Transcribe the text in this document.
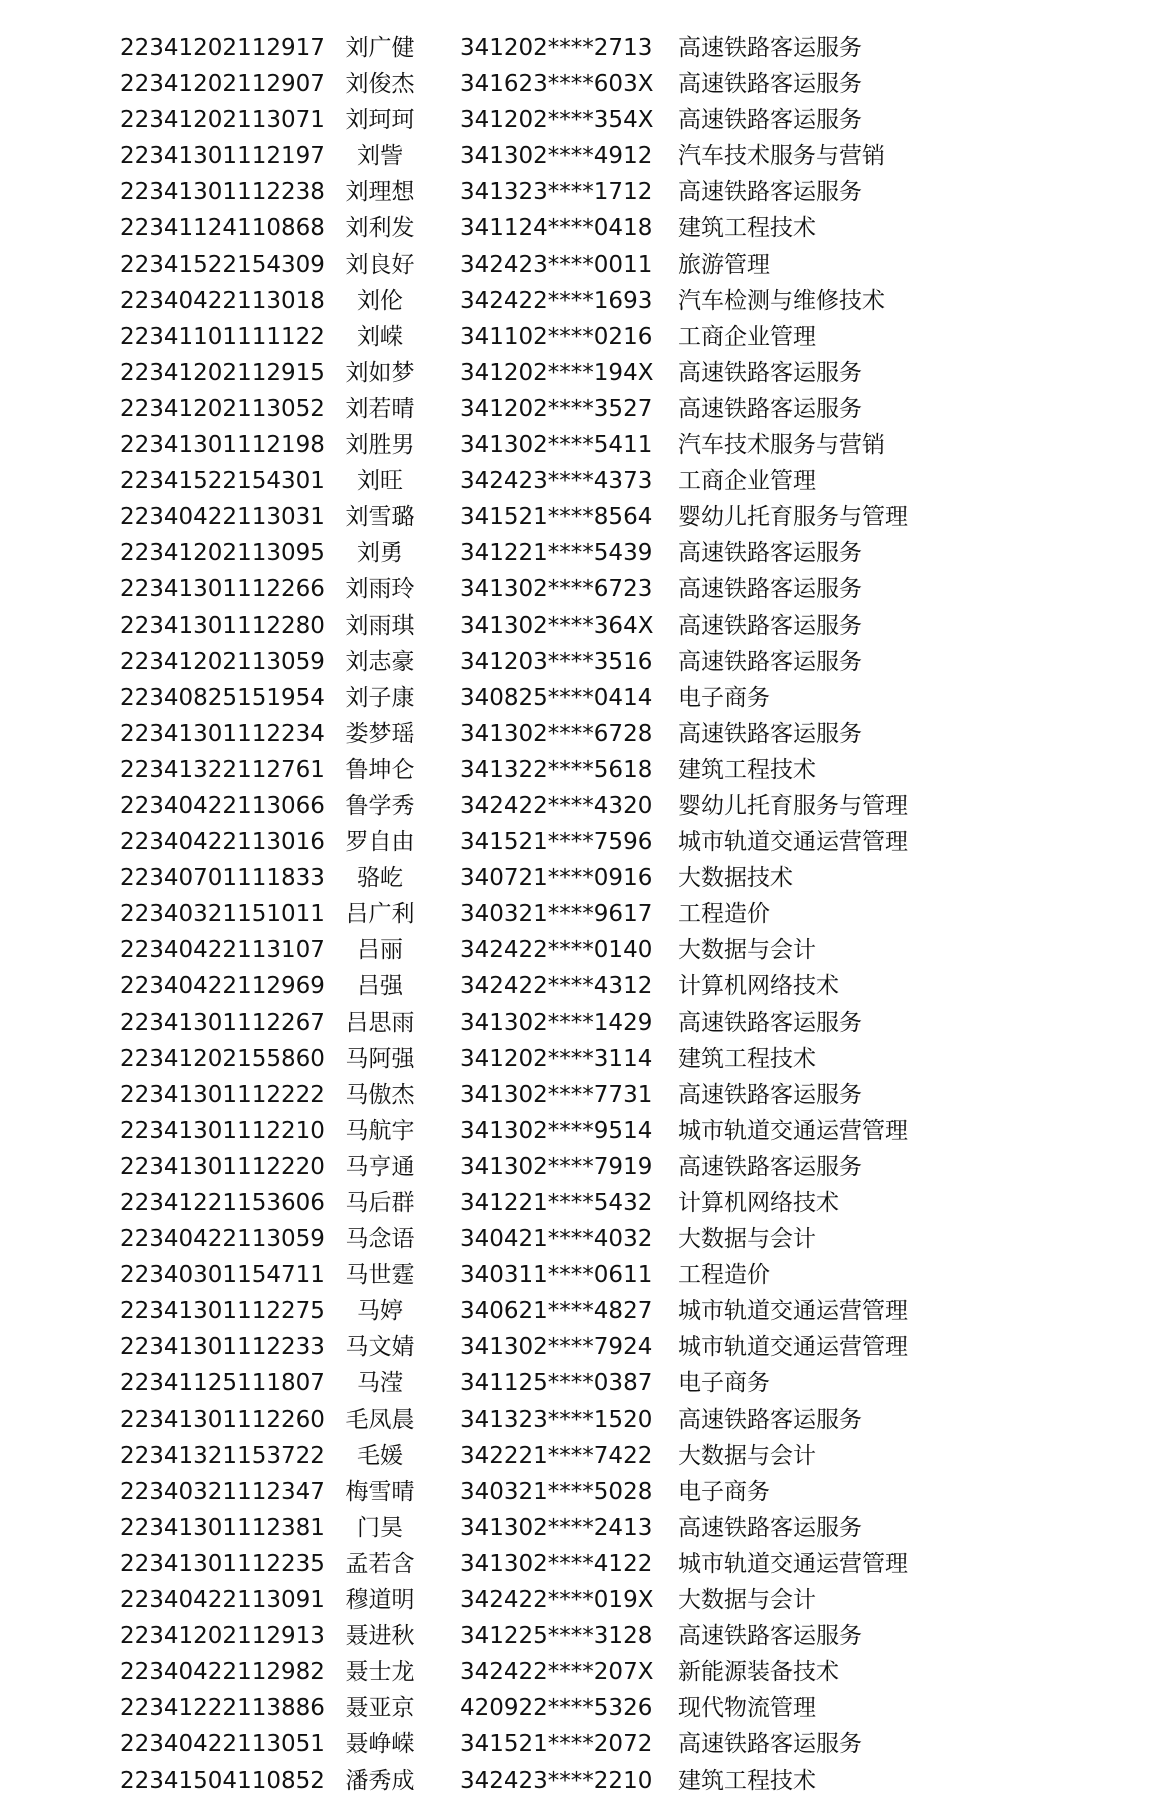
22341202112917 刘广健	341202****2713 高速铁路客运服务
22341202112907 刘俊杰	341623****603X 高速铁路客运服务
22341202113071 刘珂珂	341202****354X 高速铁路客运服务
22341301112197	刘訾	341302****4912 汽车技术服务与营销
22341301112238 刘理想	341323****1712 高速铁路客运服务
22341124110868 刘利发	341124****0418 建筑工程技术
22341522154309 刘良好	342423****0011 旅游管理
22340422113018	刘伦	342422****1693 汽车检测与维修技术
22341101111122	刘嵘	341102****0216 工商企业管理
22341202112915 刘如梦	341202****194X 高速铁路客运服务
22341202113052 刘若晴	341202****3527 高速铁路客运服务
22341301112198 刘胜男	341302****5411 汽车技术服务与营销
22341522154301	刘旺	342423****4373 工商企业管理
22340422113031 刘雪璐	341521****8564 婴幼儿托育服务与管理
22341202113095	刘勇	341221****5439 高速铁路客运服务
22341301112266 刘雨玲	341302****6723 高速铁路客运服务
22341301112280 刘雨琪	341302****364X 高速铁路客运服务
22341202113059 刘志豪	341203****3516 高速铁路客运服务
22340825151954 刘子康	340825****0414 电子商务
22341301112234 娄梦瑶	341302****6728 高速铁路客运服务
22341322112761 鲁坤仑	341322****5618 建筑工程技术
22340422113066 鲁学秀	342422****4320 婴幼儿托育服务与管理
22340422113016 罗自由	341521****7596 城市轨道交通运营管理
22340701111833	骆屹	340721****0916 大数据技术
22340321151011 吕广利	340321****9617 工程造价
22340422113107	吕丽	342422****0140 大数据与会计
22340422112969	吕强	342422****4312 计算机网络技术
22341301112267 吕思雨	341302****1429 高速铁路客运服务
22341202155860 马阿强	341202****3114 建筑工程技术
22341301112222 马傲杰	341302****7731 高速铁路客运服务
22341301112210 马航宇	341302****9514 城市轨道交通运营管理
22341301112220 马亨通	341302****7919 高速铁路客运服务
22341221153606 马后群	341221****5432 计算机网络技术
22340422113059 马念语	340421****4032 大数据与会计
22340301154711 马世霆	340311****0611 工程造价
22341301112275	马婷	340621****4827 城市轨道交通运营管理
22341301112233 马文婧	341302****7924 城市轨道交通运营管理
22341125111807	马滢	341125****0387 电子商务
22341301112260 毛凤晨	341323****1520 高速铁路客运服务
22341321153722	毛媛	342221****7422 大数据与会计
22340321112347 梅雪晴	340321****5028 电子商务
22341301112381	门昊	341302****2413 高速铁路客运服务
22341301112235 孟若含	341302****4122 城市轨道交通运营管理
22340422113091 穆道明	342422****019X 大数据与会计
22341202112913 聂进秋	341225****3128 高速铁路客运服务
22340422112982 聂士龙	342422****207X 新能源装备技术
22341222113886 聂亚京	420922****5326 现代物流管理
22340422113051 聂峥嵘	341521****2072 高速铁路客运服务
22341504110852 潘秀成	342423****2210 建筑工程技术
